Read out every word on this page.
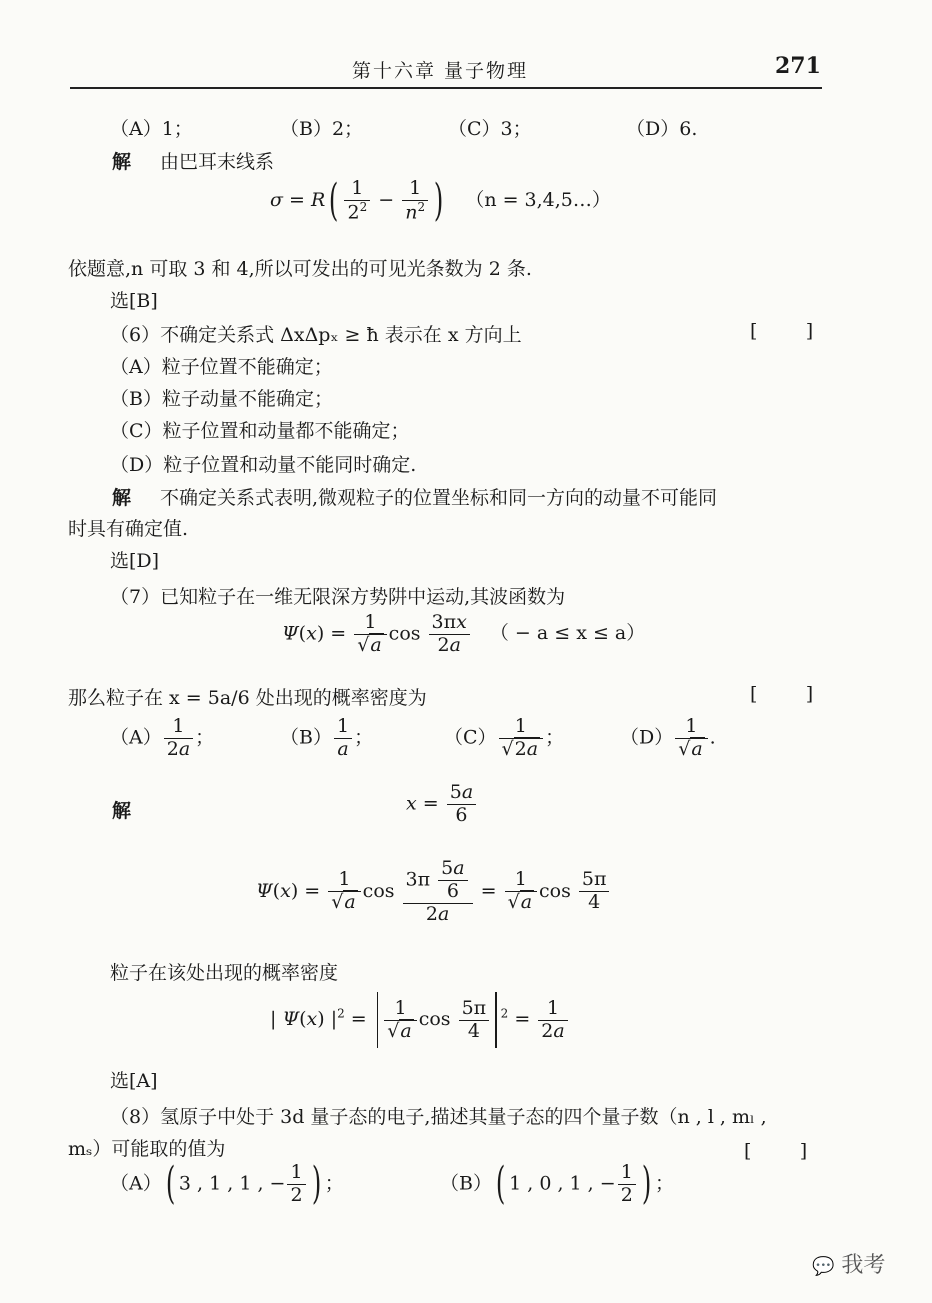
第十六章 量子物理	271
（A）1；	（B）2；	（C）3；	（D）6.
解 由巴耳末线系
$\sigma = R( \frac{1}{2^2} - \frac{1}{n^2}$ ) （n = 3,4,5…）
依题意,n 可取 3 和 4,所以可发出的可见光条数为 2 条.
选[B]
（6）不确定关系式 ΔxΔpₓ ≥ ħ 表示在 x 方向上	[        ]
（A）粒子位置不能确定；
（B）粒子动量不能确定；
（C）粒子位置和动量都不能确定；
（D）粒子位置和动量不能同时确定.
解 不确定关系式表明,微观粒子的位置坐标和同一方向的动量不可能同
时具有确定值.
选[D]
（7）已知粒子在一维无限深方势阱中运动,其波函数为
$\Psi(x) = \frac{1}{√a}$ $\cos \frac{3\pi x}{2a}$ （ − a ≤ x ≤ a）
那么粒子在 x = 5a/6 处出现的概率密度为	[        ]
$(A) \frac{1}{2a}$ ；	$(B) \frac{1}{a}$ ；	$(C) \frac{1}{√2a}$ ；	$(D) \frac{1}{√a}$ .
解	$x = \frac{5a}{6}$
$\Psi(x) = \frac{1}{√a}$ $\cos \frac{3\pi \frac{5a}{6}}{2a} = \frac{1}{√a}$ $\cos \frac{5\pi}{4}$
粒子在该处出现的概率密度
| Ψ(x) $|^2 = \frac{1}{√a}$ $\cos \frac{5\pi}{4} ^2 = \frac{1}{2a}$
选[A]
（8）氢原子中处于 3d 量子态的电子,描述其量子态的四个量子数（n , l , mₗ ,
mₛ）可能取的值为	[        ]
（A）( 3 , 1 , 1 , − $\frac{1}{2}$ ) ；	（B）( 1 , 0 , 1 , − $\frac{1}{2}$ ) ；
💬 我考
